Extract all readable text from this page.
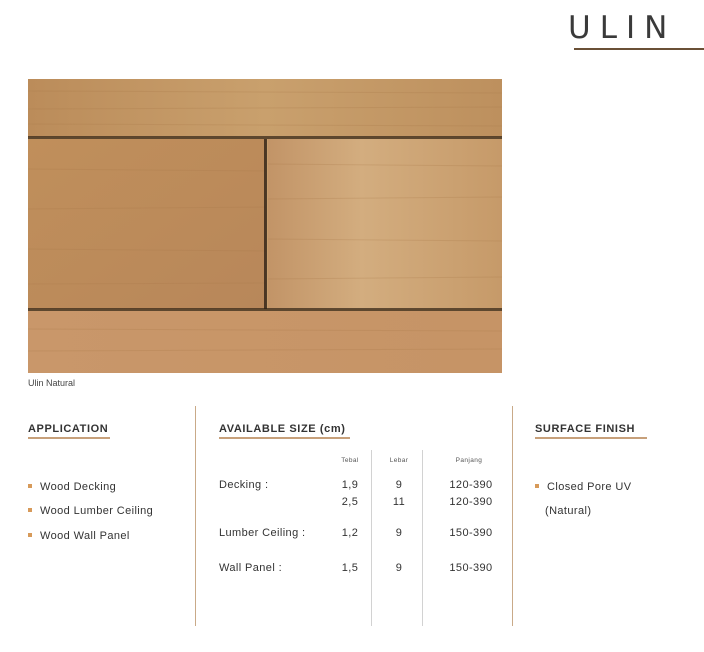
ULIN
Ulin Natural
APPLICATION
Wood Decking
Wood Lumber Ceiling
Wood Wall Panel
AVAILABLE SIZE (cm)
Tebal	Lebar	Panjang
Decking :	1,9	9	120-390
2,5	11	120-390
Lumber Ceiling :	1,2	9	150-390
Wall Panel :	1,5	9	150-390
SURFACE FINISH
Closed Pore UV
(Natural)
